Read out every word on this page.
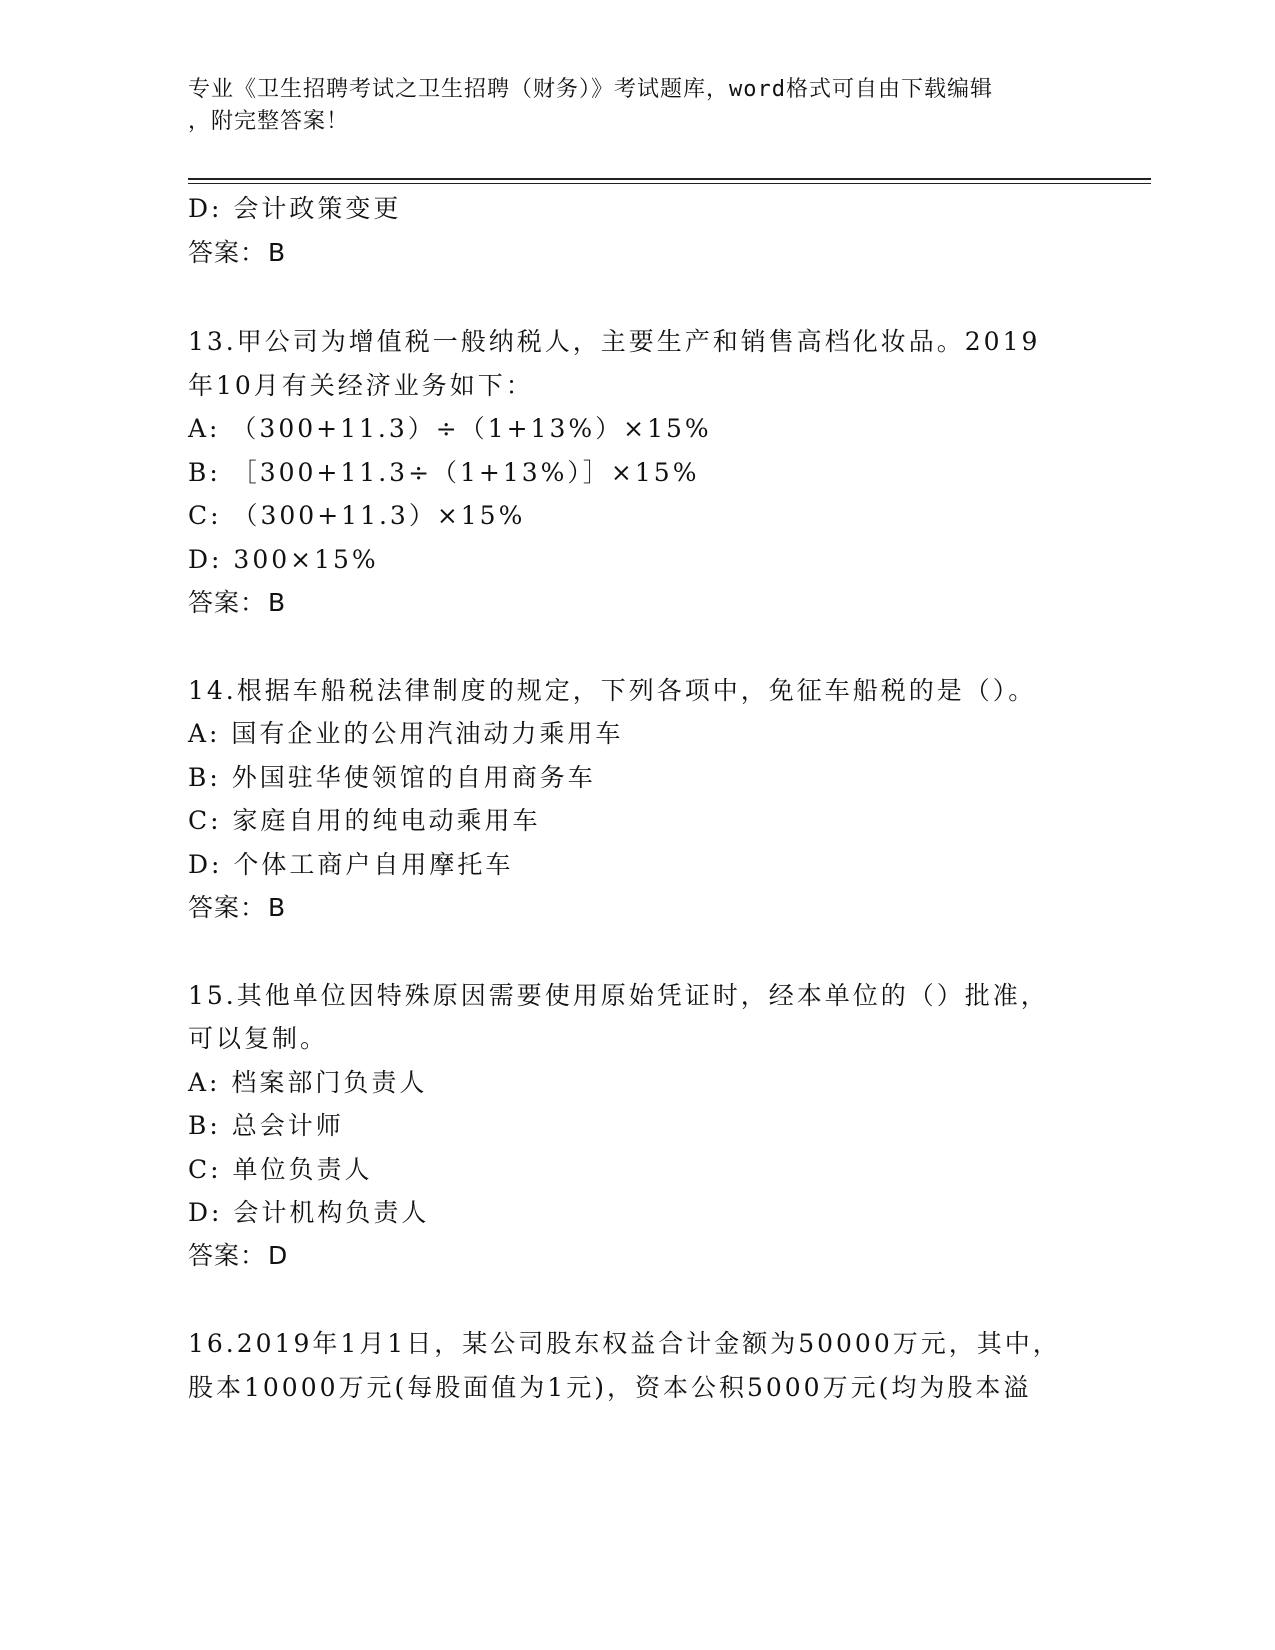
专业《卫生招聘考试之卫生招聘（财务）》考试题库，word格式可自由下载编辑
，附完整答案！
D: 会计政策变更
答案：B
13.甲公司为增值税一般纳税人，主要生产和销售高档化妆品。2019
年10月有关经济业务如下：
A: （300+11.3）÷（1+13%）×15%
B: ［300+11.3÷（1+13%）］×15%
C: （300+11.3）×15%
D: 300×15%
答案：B
14.根据车船税法律制度的规定，下列各项中，免征车船税的是（）。
A: 国有企业的公用汽油动力乘用车
B: 外国驻华使领馆的自用商务车
C: 家庭自用的纯电动乘用车
D: 个体工商户自用摩托车
答案：B
15.其他单位因特殊原因需要使用原始凭证时，经本单位的（）批准，
可以复制。
A: 档案部门负责人
B: 总会计师
C: 单位负责人
D: 会计机构负责人
答案：D
16.2019年1月1日，某公司股东权益合计金额为50000万元，其中，
股本10000万元(每股面值为1元)，资本公积5000万元(均为股本溢
